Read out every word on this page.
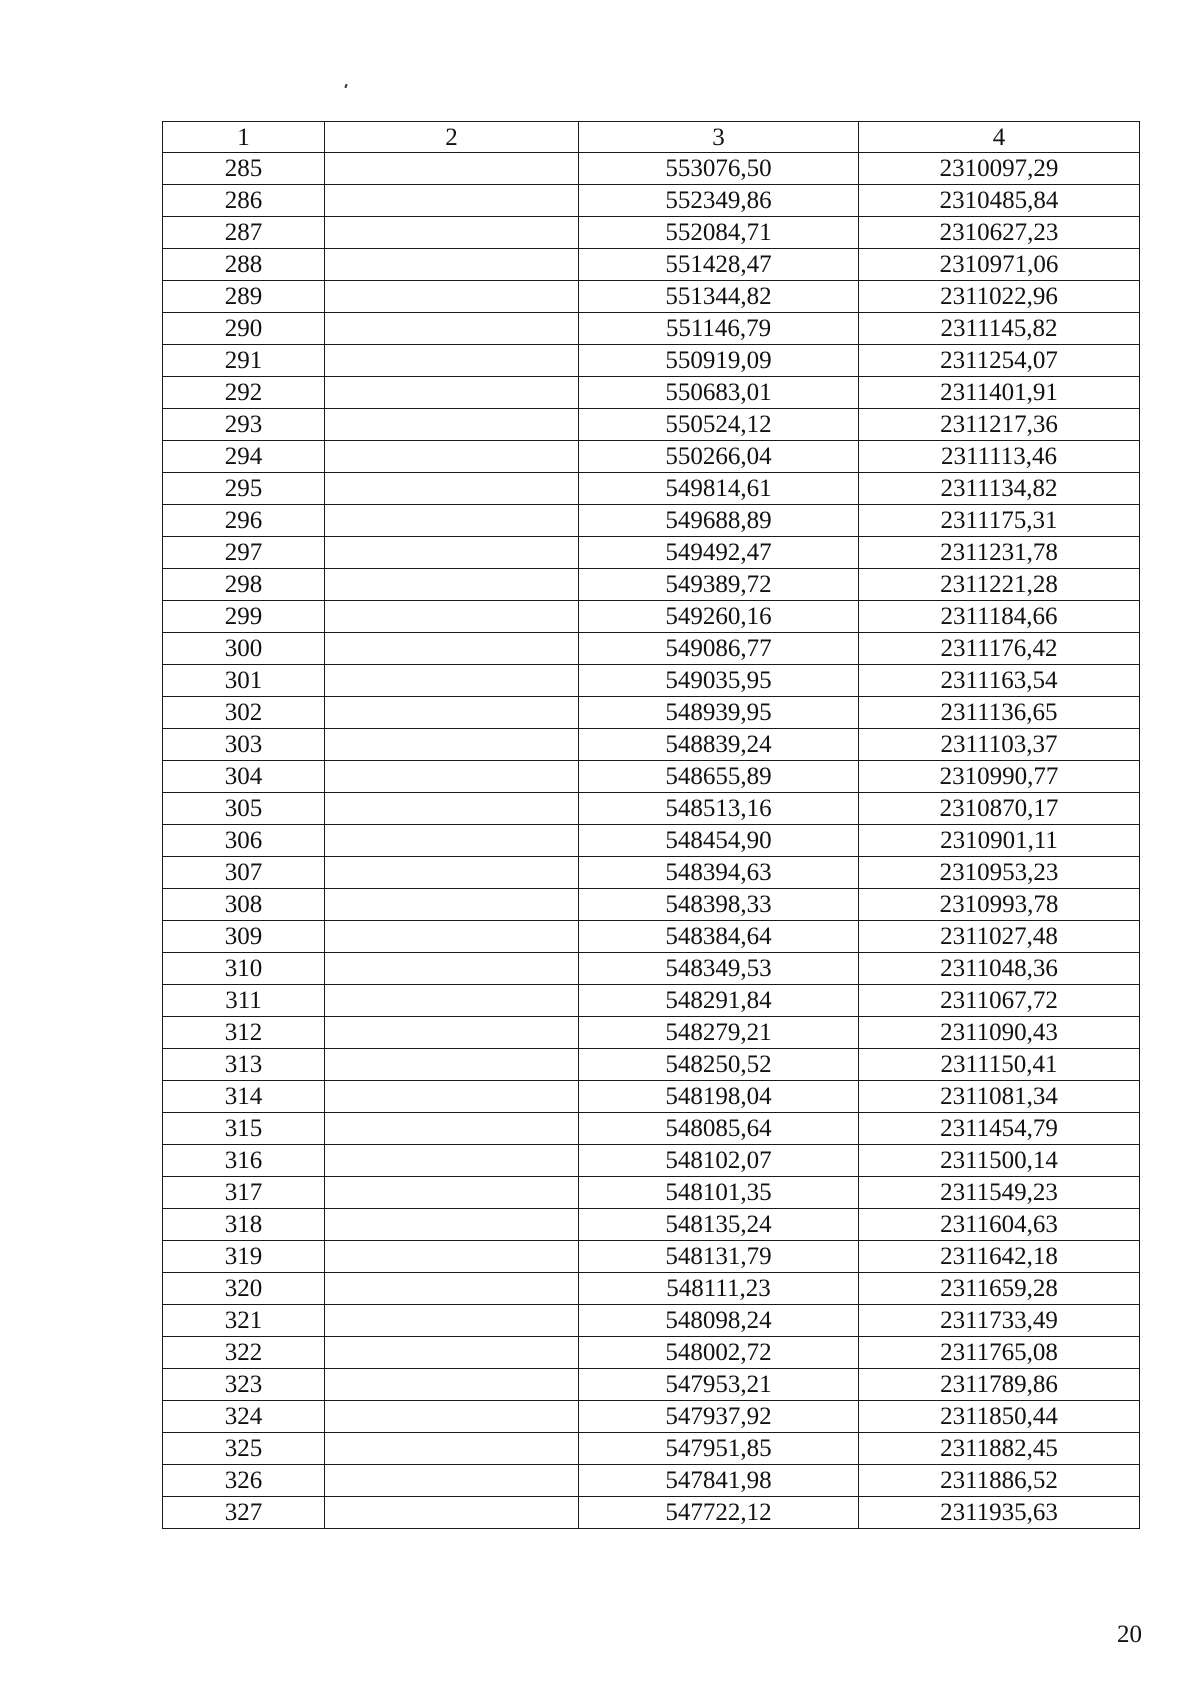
1	2	3	4
285		553076,50	2310097,29
286		552349,86	2310485,84
287		552084,71	2310627,23
288		551428,47	2310971,06
289		551344,82	2311022,96
290		551146,79	2311145,82
291		550919,09	2311254,07
292		550683,01	2311401,91
293		550524,12	2311217,36
294		550266,04	2311113,46
295		549814,61	2311134,82
296		549688,89	2311175,31
297		549492,47	2311231,78
298		549389,72	2311221,28
299		549260,16	2311184,66
300		549086,77	2311176,42
301		549035,95	2311163,54
302		548939,95	2311136,65
303		548839,24	2311103,37
304		548655,89	2310990,77
305		548513,16	2310870,17
306		548454,90	2310901,11
307		548394,63	2310953,23
308		548398,33	2310993,78
309		548384,64	2311027,48
310		548349,53	2311048,36
311		548291,84	2311067,72
312		548279,21	2311090,43
313		548250,52	2311150,41
314		548198,04	2311081,34
315		548085,64	2311454,79
316		548102,07	2311500,14
317		548101,35	2311549,23
318		548135,24	2311604,63
319		548131,79	2311642,18
320		548111,23	2311659,28
321		548098,24	2311733,49
322		548002,72	2311765,08
323		547953,21	2311789,86
324		547937,92	2311850,44
325		547951,85	2311882,45
326		547841,98	2311886,52
327		547722,12	2311935,63
20
